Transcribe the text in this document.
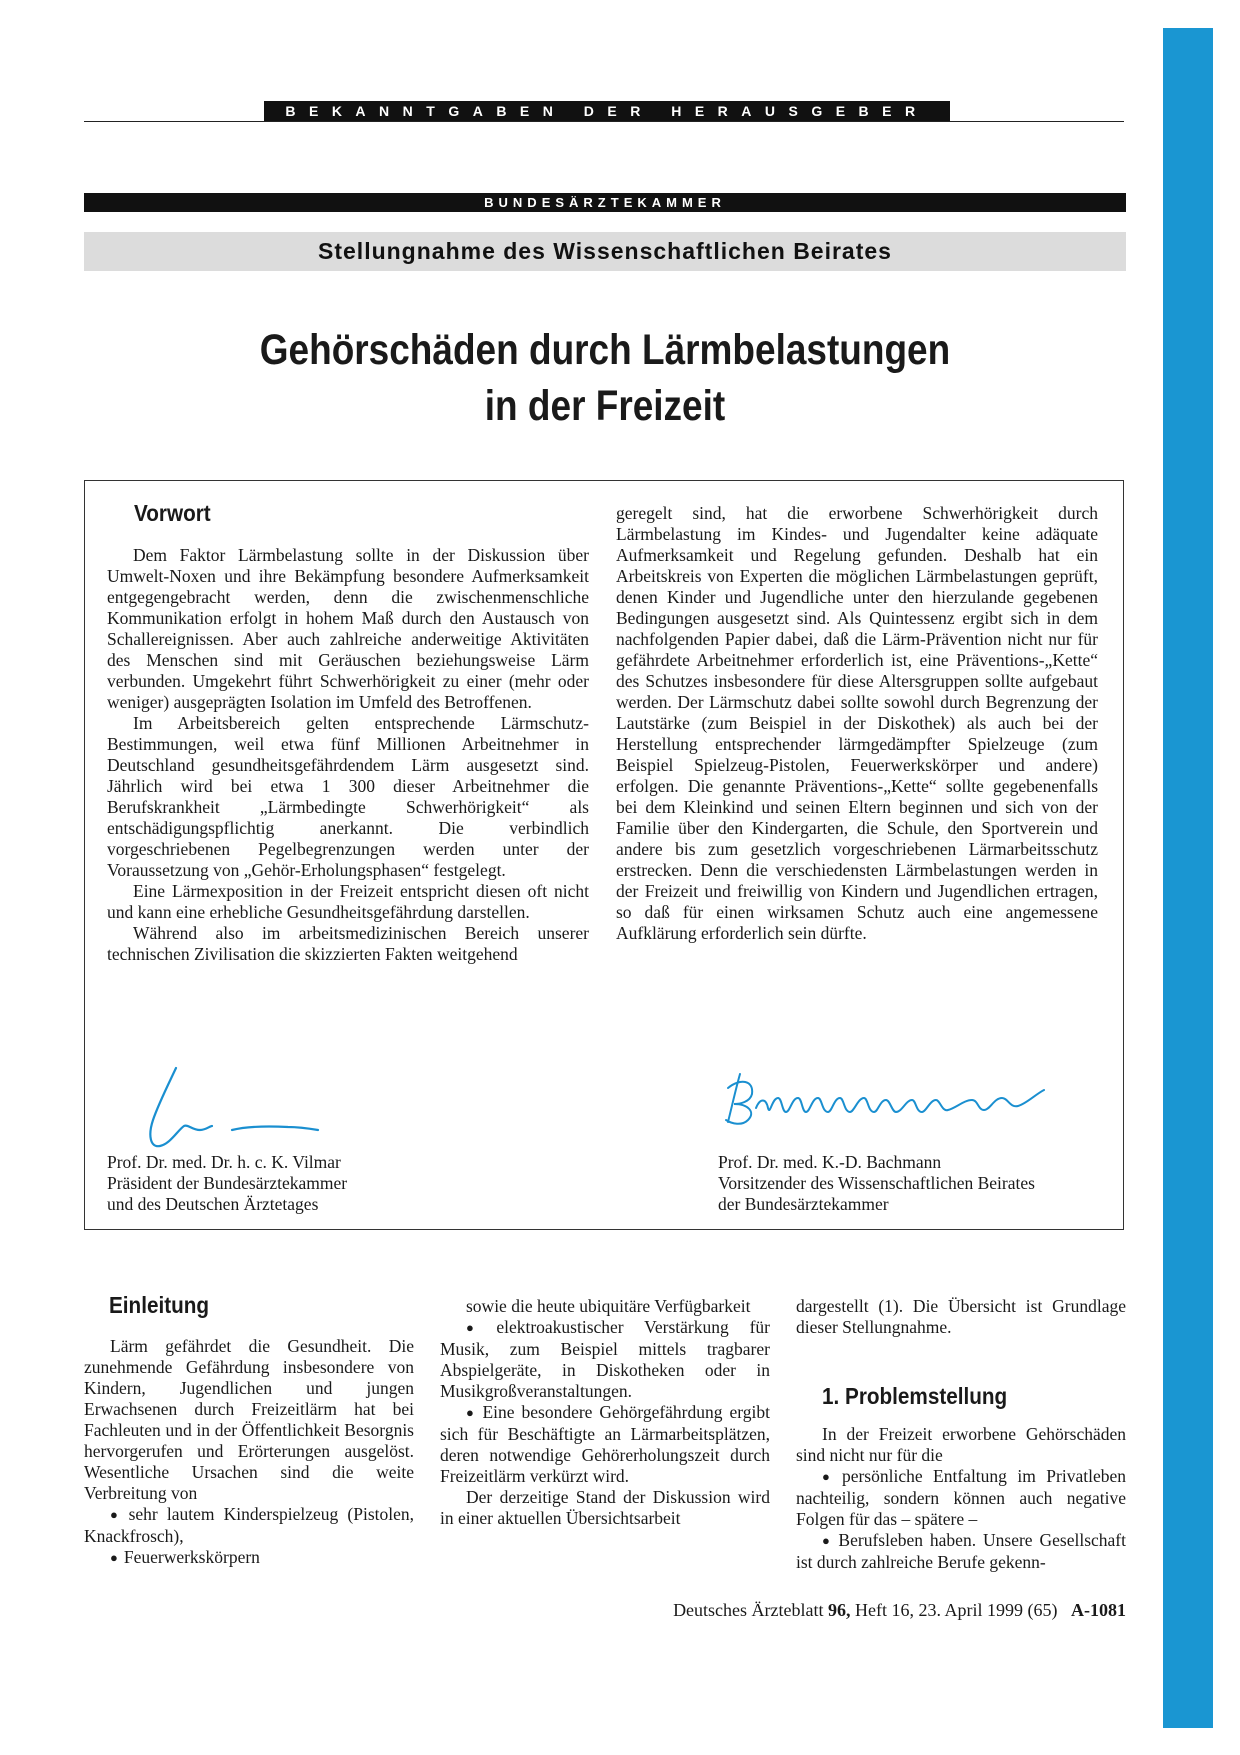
BEKANNTGABEN DER HERAUSGEBER
BUNDESÄRZTEKAMMER
Stellungnahme des Wissenschaftlichen Beirates
Gehörschäden durch Lärmbelastungen
in der Freizeit
Vorwort

Dem Faktor Lärmbelastung sollte in der Diskussion über Umwelt-Noxen und ihre Bekämpfung besondere Aufmerksamkeit entgegengebracht werden, denn die zwischenmenschliche Kommunikation erfolgt in hohem Maß durch den Austausch von Schallereignissen. Aber auch zahlreiche anderweitige Aktivitäten des Menschen sind mit Geräuschen beziehungsweise Lärm verbunden. Umgekehrt führt Schwerhörigkeit zu einer (mehr oder weniger) ausgeprägten Isolation im Umfeld des Betroffenen.

Im Arbeitsbereich gelten entsprechende Lärmschutz-Bestimmungen, weil etwa fünf Millionen Arbeitnehmer in Deutschland gesundheitsgefährdendem Lärm ausgesetzt sind. Jährlich wird bei etwa 1 300 dieser Arbeitnehmer die Berufskrankheit „Lärmbedingte Schwerhörigkeit“ als entschädigungspflichtig anerkannt. Die verbindlich vorgeschriebenen Pegelbegrenzungen werden unter der Voraussetzung von „Gehör-Erholungsphasen“ festgelegt.

Eine Lärmexposition in der Freizeit entspricht diesen oft nicht und kann eine erhebliche Gesundheitsgefährdung darstellen.

Während also im arbeitsmedizinischen Bereich unserer technischen Zivilisation die skizzierten Fakten weitgehend

geregelt sind, hat die erworbene Schwerhörigkeit durch Lärmbelastung im Kindes- und Jugendalter keine adäquate Aufmerksamkeit und Regelung gefunden. Deshalb hat ein Arbeitskreis von Experten die möglichen Lärmbelastungen geprüft, denen Kinder und Jugendliche unter den hierzulande gegebenen Bedingungen ausgesetzt sind. Als Quintessenz ergibt sich in dem nachfolgenden Papier dabei, daß die Lärm-Prävention nicht nur für gefährdete Arbeitnehmer erforderlich ist, eine Präventions-„Kette“ des Schutzes insbesondere für diese Altersgruppen sollte aufgebaut werden. Der Lärmschutz dabei sollte sowohl durch Begrenzung der Lautstärke (zum Beispiel in der Diskothek) als auch bei der Herstellung entsprechender lärmgedämpfter Spielzeuge (zum Beispiel Spielzeug-Pistolen, Feuerwerkskörper und andere) erfolgen. Die genannte Präventions-„Kette“ sollte gegebenenfalls bei dem Kleinkind und seinen Eltern beginnen und sich von der Familie über den Kindergarten, die Schule, den Sportverein und andere bis zum gesetzlich vorgeschriebenen Lärmarbeitsschutz erstrecken. Denn die verschiedensten Lärmbelastungen werden in der Freizeit und freiwillig von Kindern und Jugendlichen ertragen, so daß für einen wirksamen Schutz auch eine angemessene Aufklärung erforderlich sein dürfte.

Prof. Dr. med. Dr. h. c. K. Vilmar
Präsident der Bundesärztekammer
und des Deutschen Ärztetages
Prof. Dr. med. K.-D. Bachmann
Vorsitzender des Wissenschaftlichen Beirates
der Bundesärztekammer
Einleitung

Lärm gefährdet die Gesundheit. Die zunehmende Gefährdung insbesondere von Kindern, Jugendlichen und jungen Erwachsenen durch Freizeitlärm hat bei Fachleuten und in der Öffentlichkeit Besorgnis hervorgerufen und Erörterungen ausgelöst. Wesentliche Ursachen sind die weite Verbreitung von

● sehr lautem Kinderspielzeug (Pistolen, Knackfrosch),

● Feuerwerkskörpern

sowie die heute ubiquitäre Verfügbarkeit

● elektroakustischer Verstärkung für Musik, zum Beispiel mittels tragbarer Abspielgeräte, in Diskotheken oder in Musikgroßveranstaltungen.

● Eine besondere Gehörgefährdung ergibt sich für Beschäftigte an Lärmarbeitsplätzen, deren notwendige Gehörerholungszeit durch Freizeitlärm verkürzt wird.

Der derzeitige Stand der Diskussion wird in einer aktuellen Übersichtsarbeit

dargestellt (1). Die Übersicht ist Grundlage dieser Stellungnahme.

1. Problemstellung

In der Freizeit erworbene Gehörschäden sind nicht nur für die

● persönliche Entfaltung im Privatleben nachteilig, sondern können auch negative Folgen für das – spätere –

● Berufsleben haben. Unsere Gesellschaft ist durch zahlreiche Berufe gekenn-

Deutsches Ärzteblatt 96, Heft 16, 23. April 1999 (65) A-1081
